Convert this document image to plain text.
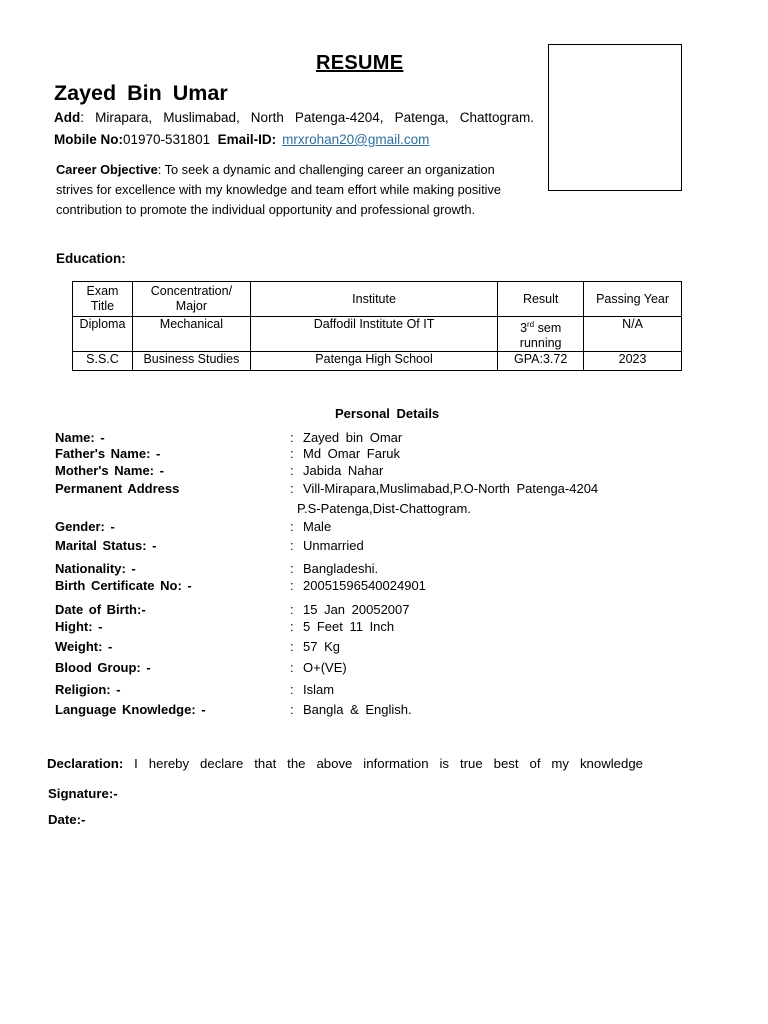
RESUME
Zayed Bin Umar
Add: Mirapara, Muslimabad, North Patenga-4204, Patenga, Chattogram.
Mobile No:01970-531801 Email-ID: mrxrohan20@gmail.com
Career Objective: To seek a dynamic and challenging career an organization strives for excellence with my knowledge and team effort while making positive contribution to promote the individual opportunity and professional growth.
Education:
Exam Title	Concentration/ Major	Institute	Result	Passing Year
Diploma	Mechanical	Daffodil Institute Of IT	3rd sem running	N/A
S.S.C	Business Studies	Patenga High School	GPA:3.72	2023
Personal Details
Name: -	: Zayed bin Omar
Father's Name: -	: Md Omar Faruk
Mother's Name: -	: Jabida Nahar
Permanent Address	: Vill-Mirapara,Muslimabad,P.O-North Patenga-4204
P.S-Patenga,Dist-Chattogram.
Gender: -	: Male
Marital Status: -	: Unmarried
Nationality: -	: Bangladeshi.
Birth Certificate No: -	: 20051596540024901
Date of Birth:-	: 15 Jan 20052007
Hight: -	: 5 Feet 11 Inch
Weight: -	: 57 Kg
Blood Group: -	: O+(VE)
Religion: -	: Islam
Language Knowledge: -	: Bangla & English.
Declaration: I hereby declare that the above information is true best of my knowledge
Signature:-
Date:-
